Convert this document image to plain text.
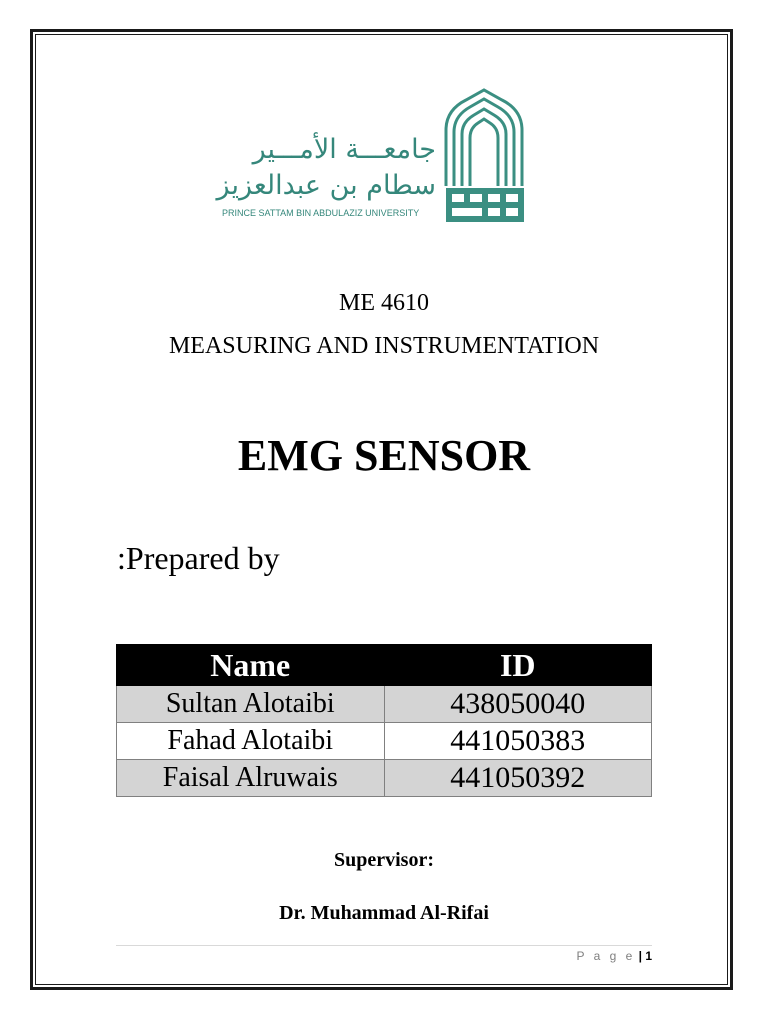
جامعـــة الأمـــير
سطام بن عبدالعزيز
PRINCE SATTAM BIN ABDULAZIZ UNIVERSITY
ME 4610
MEASURING AND INSTRUMENTATION
EMG SENSOR
:Prepared by
Name	ID
Sultan Alotaibi	438050040
Fahad Alotaibi	441050383
Faisal Alruwais	441050392
Supervisor:
Dr. Muhammad Al-Rifai
P a g e | 1
